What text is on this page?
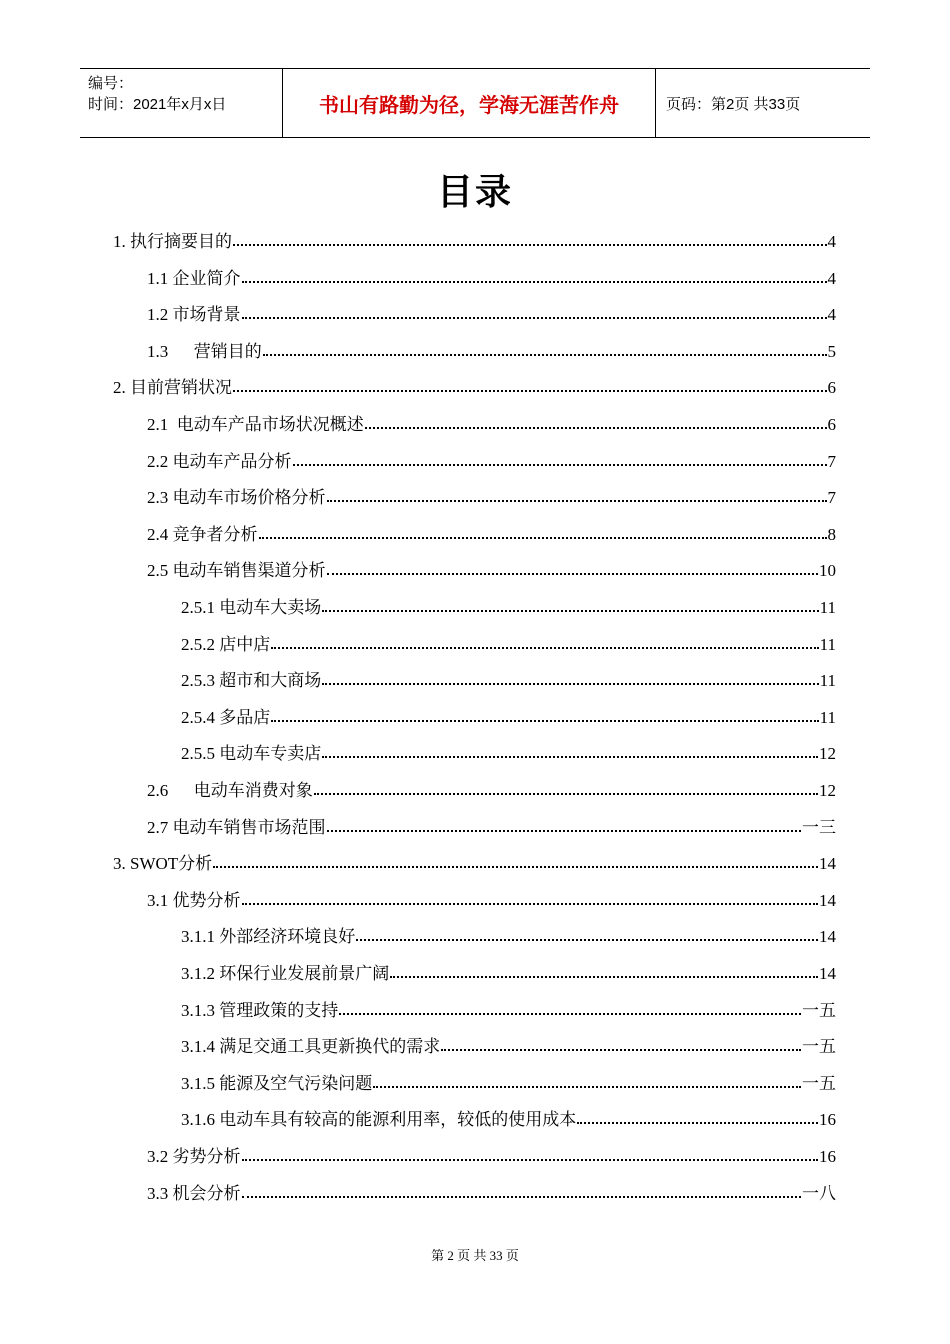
编号：
时间：2021年x月x日	书山有路勤为径，学海无涯苦作舟	页码：第2页 共33页
目录
1. 执行摘要目的	4
1.1 企业简介	4
1.2 市场背景	4
1.3      营销目的	5
2. 目前营销状况	6
2.1  电动车产品市场状况概述	6
2.2 电动车产品分析	7
2.3 电动车市场价格分析	7
2.4 竞争者分析	8
2.5 电动车销售渠道分析	10
2.5.1 电动车大卖场	11
2.5.2 店中店	11
2.5.3 超市和大商场	11
2.5.4 多品店	11
2.5.5 电动车专卖店	12
2.6      电动车消费对象	12
2.7 电动车销售市场范围	一三
3. SWOT分析	14
3.1 优势分析	14
3.1.1 外部经济环境良好	14
3.1.2 环保行业发展前景广阔	14
3.1.3 管理政策的支持	一五
3.1.4 满足交通工具更新换代的需求	一五
3.1.5 能源及空气污染问题	一五
3.1.6 电动车具有较高的能源利用率，较低的使用成本	16
3.2 劣势分析	16
3.3 机会分析	一八
第 2 页 共 33 页
